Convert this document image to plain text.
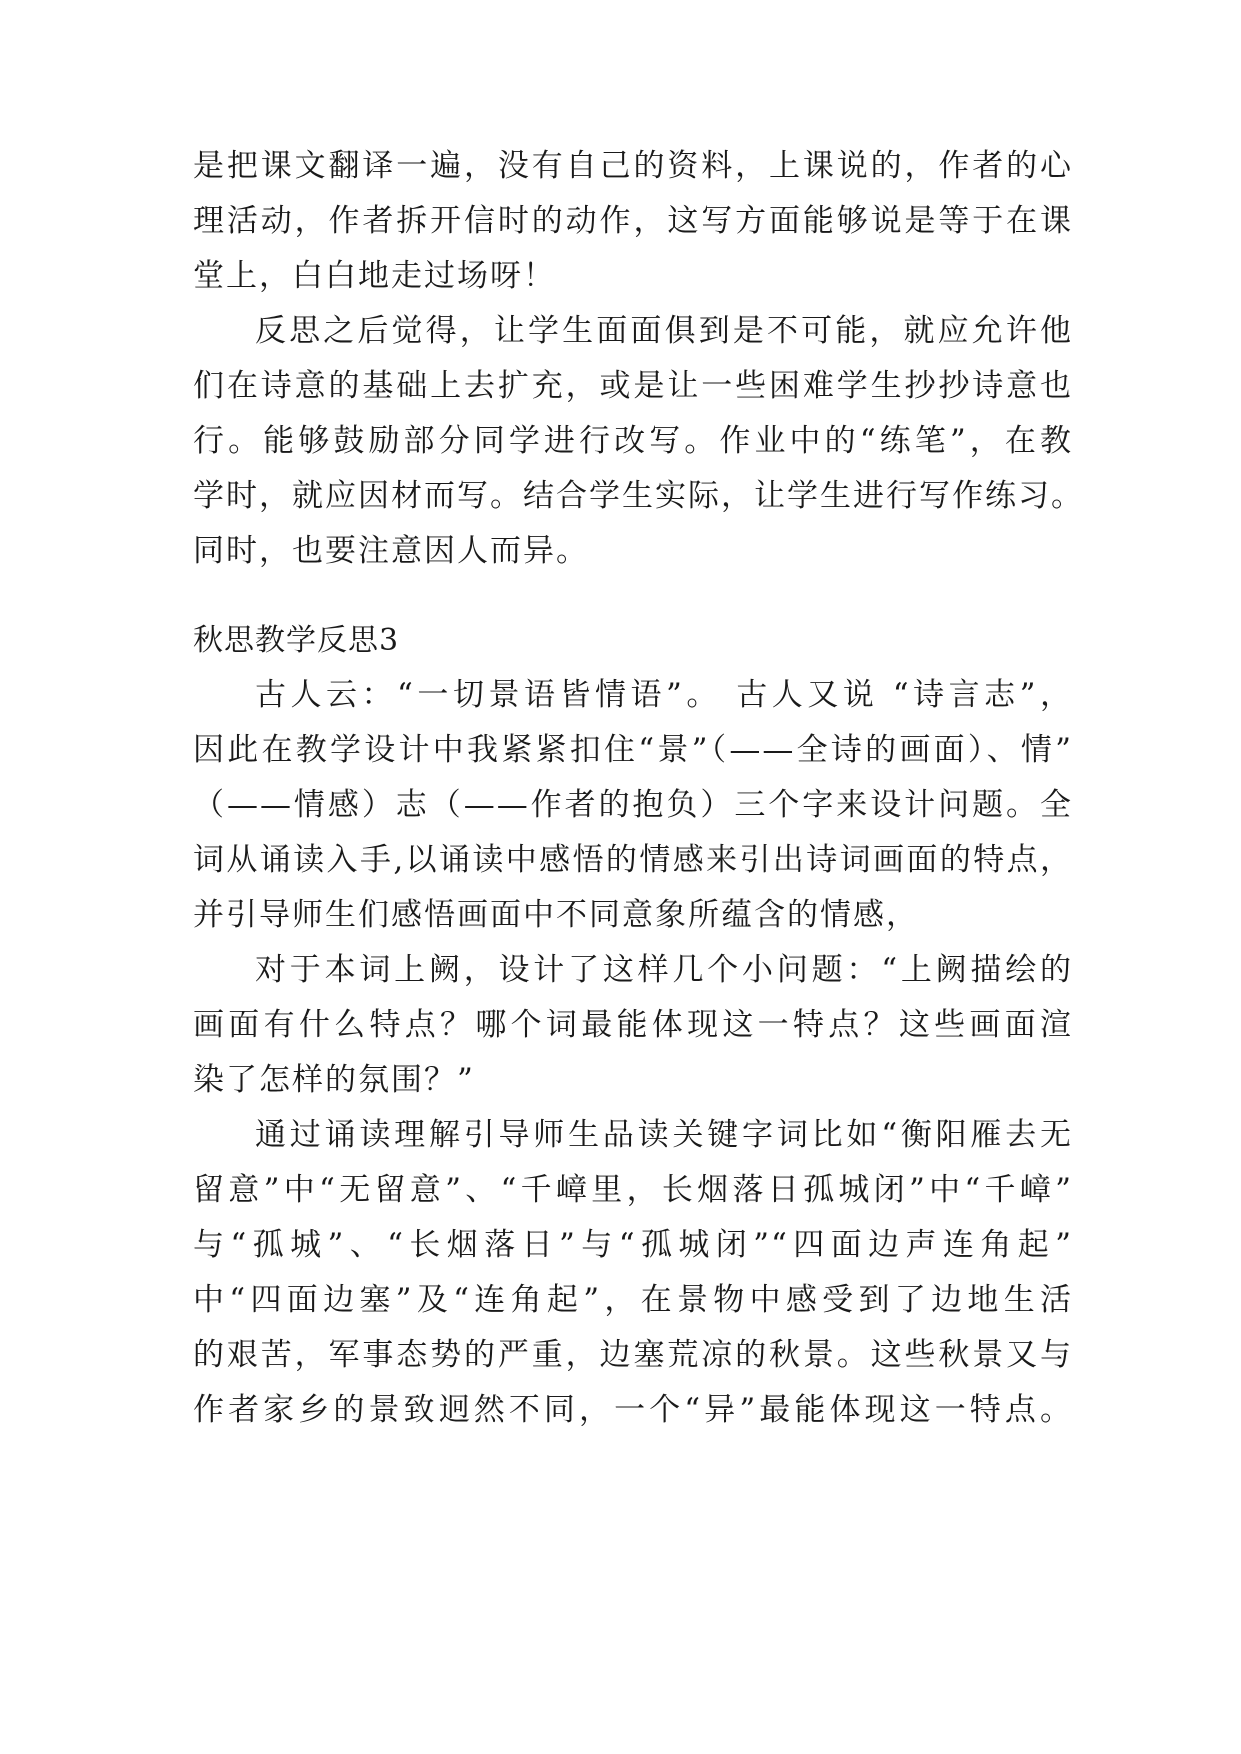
是把课文翻译一遍，没有自己的资料，上课说的，作者的心
理活动，作者拆开信时的动作，这写方面能够说是等于在课
堂上，白白地走过场呀！
反思之后觉得，让学生面面俱到是不可能，就应允许他
们在诗意的基础上去扩充，或是让一些困难学生抄抄诗意也
行。能够鼓励部分同学进行改写。作业中的“练笔”，在教
学时，就应因材而写。结合学生实际，让学生进行写作练习。
同时，也要注意因人而异。
秋思教学反思3
古人云：“一切景语皆情语”。 古人又说 “诗言志”，
因此在教学设计中我紧紧扣住“景”（——全诗的画面）、情”
（——情感）志（——作者的抱负）三个字来设计问题。全
词从诵读入手,以诵读中感悟的情感来引出诗词画面的特点，
并引导师生们感悟画面中不同意象所蕴含的情感，
对于本词上阙，设计了这样几个小问题：“上阙描绘的
画面有什么特点？哪个词最能体现这一特点？这些画面渲
染了怎样的氛围？”
通过诵读理解引导师生品读关键字词比如“衡阳雁去无
留意”中“无留意”、“千嶂里，长烟落日孤城闭”中“千嶂”
与“孤城”、“长烟落日”与“孤城闭”“四面边声连角起”
中“四面边塞”及“连角起”，在景物中感受到了边地生活
的艰苦，军事态势的严重，边塞荒凉的秋景。这些秋景又与
作者家乡的景致迥然不同，一个“异”最能体现这一特点。
